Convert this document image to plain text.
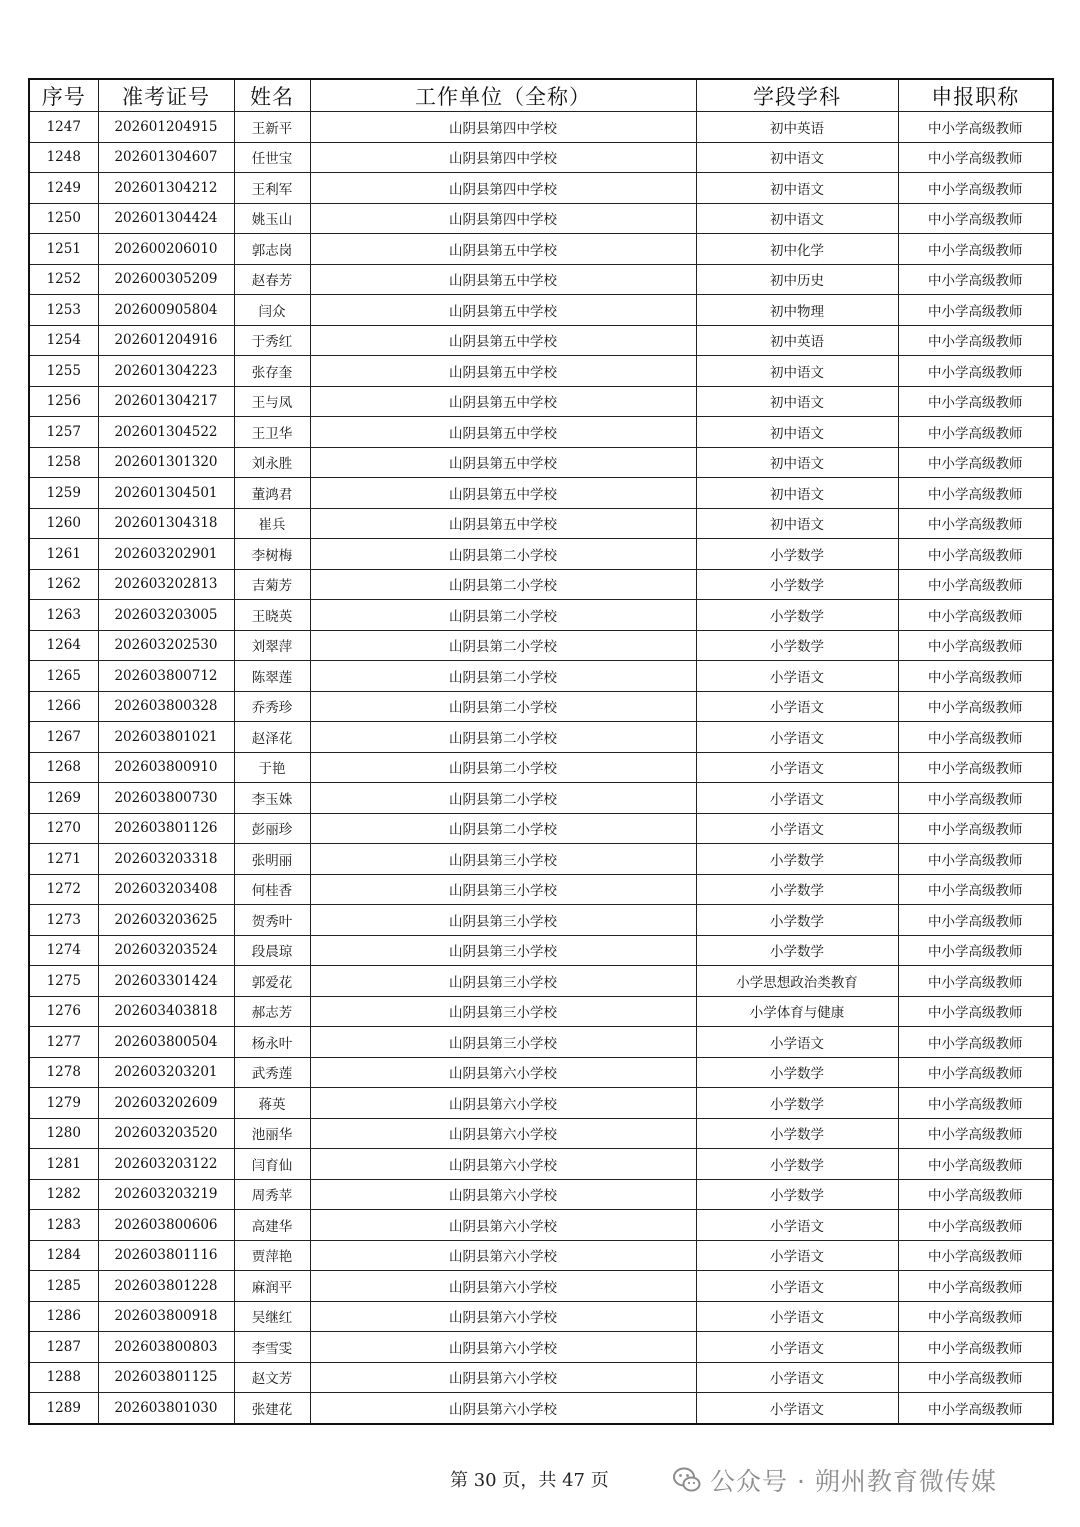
序号	准考证号	姓名	工作单位（全称）	学段学科	申报职称
1247	202601204915	王新平	山阴县第四中学校	初中英语	中小学高级教师
1248	202601304607	任世宝	山阴县第四中学校	初中语文	中小学高级教师
1249	202601304212	王利军	山阴县第四中学校	初中语文	中小学高级教师
1250	202601304424	姚玉山	山阴县第四中学校	初中语文	中小学高级教师
1251	202600206010	郭志岗	山阴县第五中学校	初中化学	中小学高级教师
1252	202600305209	赵春芳	山阴县第五中学校	初中历史	中小学高级教师
1253	202600905804	闫众	山阴县第五中学校	初中物理	中小学高级教师
1254	202601204916	于秀红	山阴县第五中学校	初中英语	中小学高级教师
1255	202601304223	张存奎	山阴县第五中学校	初中语文	中小学高级教师
1256	202601304217	王与凤	山阴县第五中学校	初中语文	中小学高级教师
1257	202601304522	王卫华	山阴县第五中学校	初中语文	中小学高级教师
1258	202601301320	刘永胜	山阴县第五中学校	初中语文	中小学高级教师
1259	202601304501	董鸿君	山阴县第五中学校	初中语文	中小学高级教师
1260	202601304318	崔兵	山阴县第五中学校	初中语文	中小学高级教师
1261	202603202901	李树梅	山阴县第二小学校	小学数学	中小学高级教师
1262	202603202813	吉菊芳	山阴县第二小学校	小学数学	中小学高级教师
1263	202603203005	王晓英	山阴县第二小学校	小学数学	中小学高级教师
1264	202603202530	刘翠萍	山阴县第二小学校	小学数学	中小学高级教师
1265	202603800712	陈翠莲	山阴县第二小学校	小学语文	中小学高级教师
1266	202603800328	乔秀珍	山阴县第二小学校	小学语文	中小学高级教师
1267	202603801021	赵泽花	山阴县第二小学校	小学语文	中小学高级教师
1268	202603800910	于艳	山阴县第二小学校	小学语文	中小学高级教师
1269	202603800730	李玉姝	山阴县第二小学校	小学语文	中小学高级教师
1270	202603801126	彭丽珍	山阴县第二小学校	小学语文	中小学高级教师
1271	202603203318	张明丽	山阴县第三小学校	小学数学	中小学高级教师
1272	202603203408	何桂香	山阴县第三小学校	小学数学	中小学高级教师
1273	202603203625	贺秀叶	山阴县第三小学校	小学数学	中小学高级教师
1274	202603203524	段晨琼	山阴县第三小学校	小学数学	中小学高级教师
1275	202603301424	郭爱花	山阴县第三小学校	小学思想政治类教育	中小学高级教师
1276	202603403818	郝志芳	山阴县第三小学校	小学体育与健康	中小学高级教师
1277	202603800504	杨永叶	山阴县第三小学校	小学语文	中小学高级教师
1278	202603203201	武秀莲	山阴县第六小学校	小学数学	中小学高级教师
1279	202603202609	蒋英	山阴县第六小学校	小学数学	中小学高级教师
1280	202603203520	池丽华	山阴县第六小学校	小学数学	中小学高级教师
1281	202603203122	闫育仙	山阴县第六小学校	小学数学	中小学高级教师
1282	202603203219	周秀苹	山阴县第六小学校	小学数学	中小学高级教师
1283	202603800606	高建华	山阴县第六小学校	小学语文	中小学高级教师
1284	202603801116	贾萍艳	山阴县第六小学校	小学语文	中小学高级教师
1285	202603801228	麻润平	山阴县第六小学校	小学语文	中小学高级教师
1286	202603800918	吴继红	山阴县第六小学校	小学语文	中小学高级教师
1287	202603800803	李雪雯	山阴县第六小学校	小学语文	中小学高级教师
1288	202603801125	赵文芳	山阴县第六小学校	小学语文	中小学高级教师
1289	202603801030	张建花	山阴县第六小学校	小学语文	中小学高级教师
第 30 页，共 47 页	公众号 · 朔州教育微传媒
